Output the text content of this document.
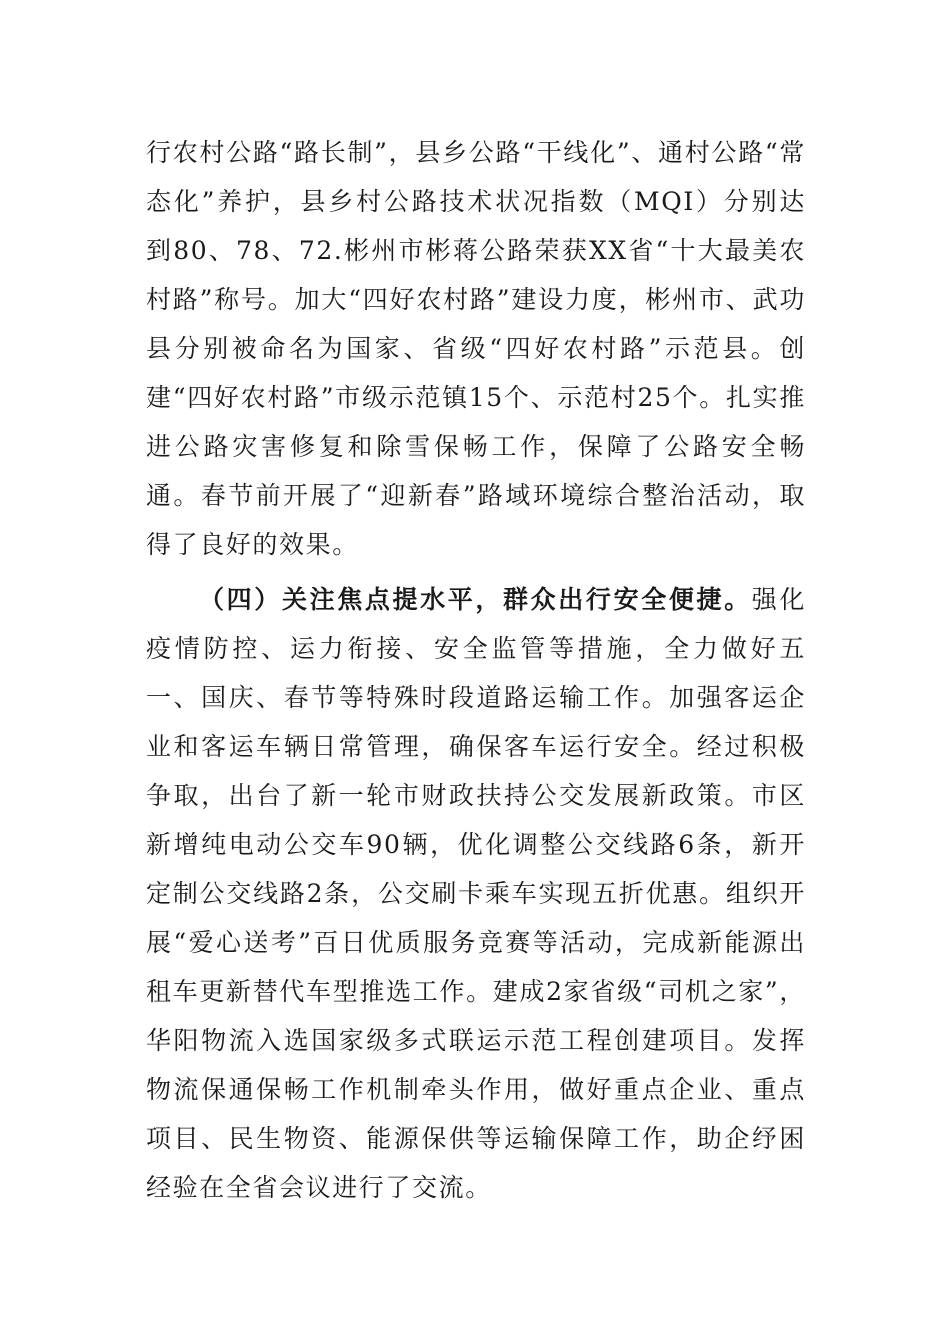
行农村公路“路长制”，县乡公路“干线化”、通村公路“常态化”养护，县乡村公路技术状况指数（MQI）分别达到80、78、72.彬州市彬蒋公路荣获XX省“十大最美农村路”称号。加大“四好农村路”建设力度，彬州市、武功县分别被命名为国家、省级“四好农村路”示范县。创建“四好农村路”市级示范镇15个、示范村25个。扎实推进公路灾害修复和除雪保畅工作，保障了公路安全畅通。春节前开展了“迎新春”路域环境综合整治活动，取得了良好的效果。

（四）关注焦点提水平，群众出行安全便捷。强化疫情防控、运力衔接、安全监管等措施，全力做好五一、国庆、春节等特殊时段道路运输工作。加强客运企业和客运车辆日常管理，确保客车运行安全。经过积极争取，出台了新一轮市财政扶持公交发展新政策。市区新增纯电动公交车90辆，优化调整公交线路6条，新开定制公交线路2条，公交刷卡乘车实现五折优惠。组织开展“爱心送考”百日优质服务竞赛等活动，完成新能源出租车更新替代车型推选工作。建成2家省级“司机之家”，华阳物流入选国家级多式联运示范工程创建项目。发挥物流保通保畅工作机制牵头作用，做好重点企业、重点项目、民生物资、能源保供等运输保障工作，助企纾困经验在全省会议进行了交流。
